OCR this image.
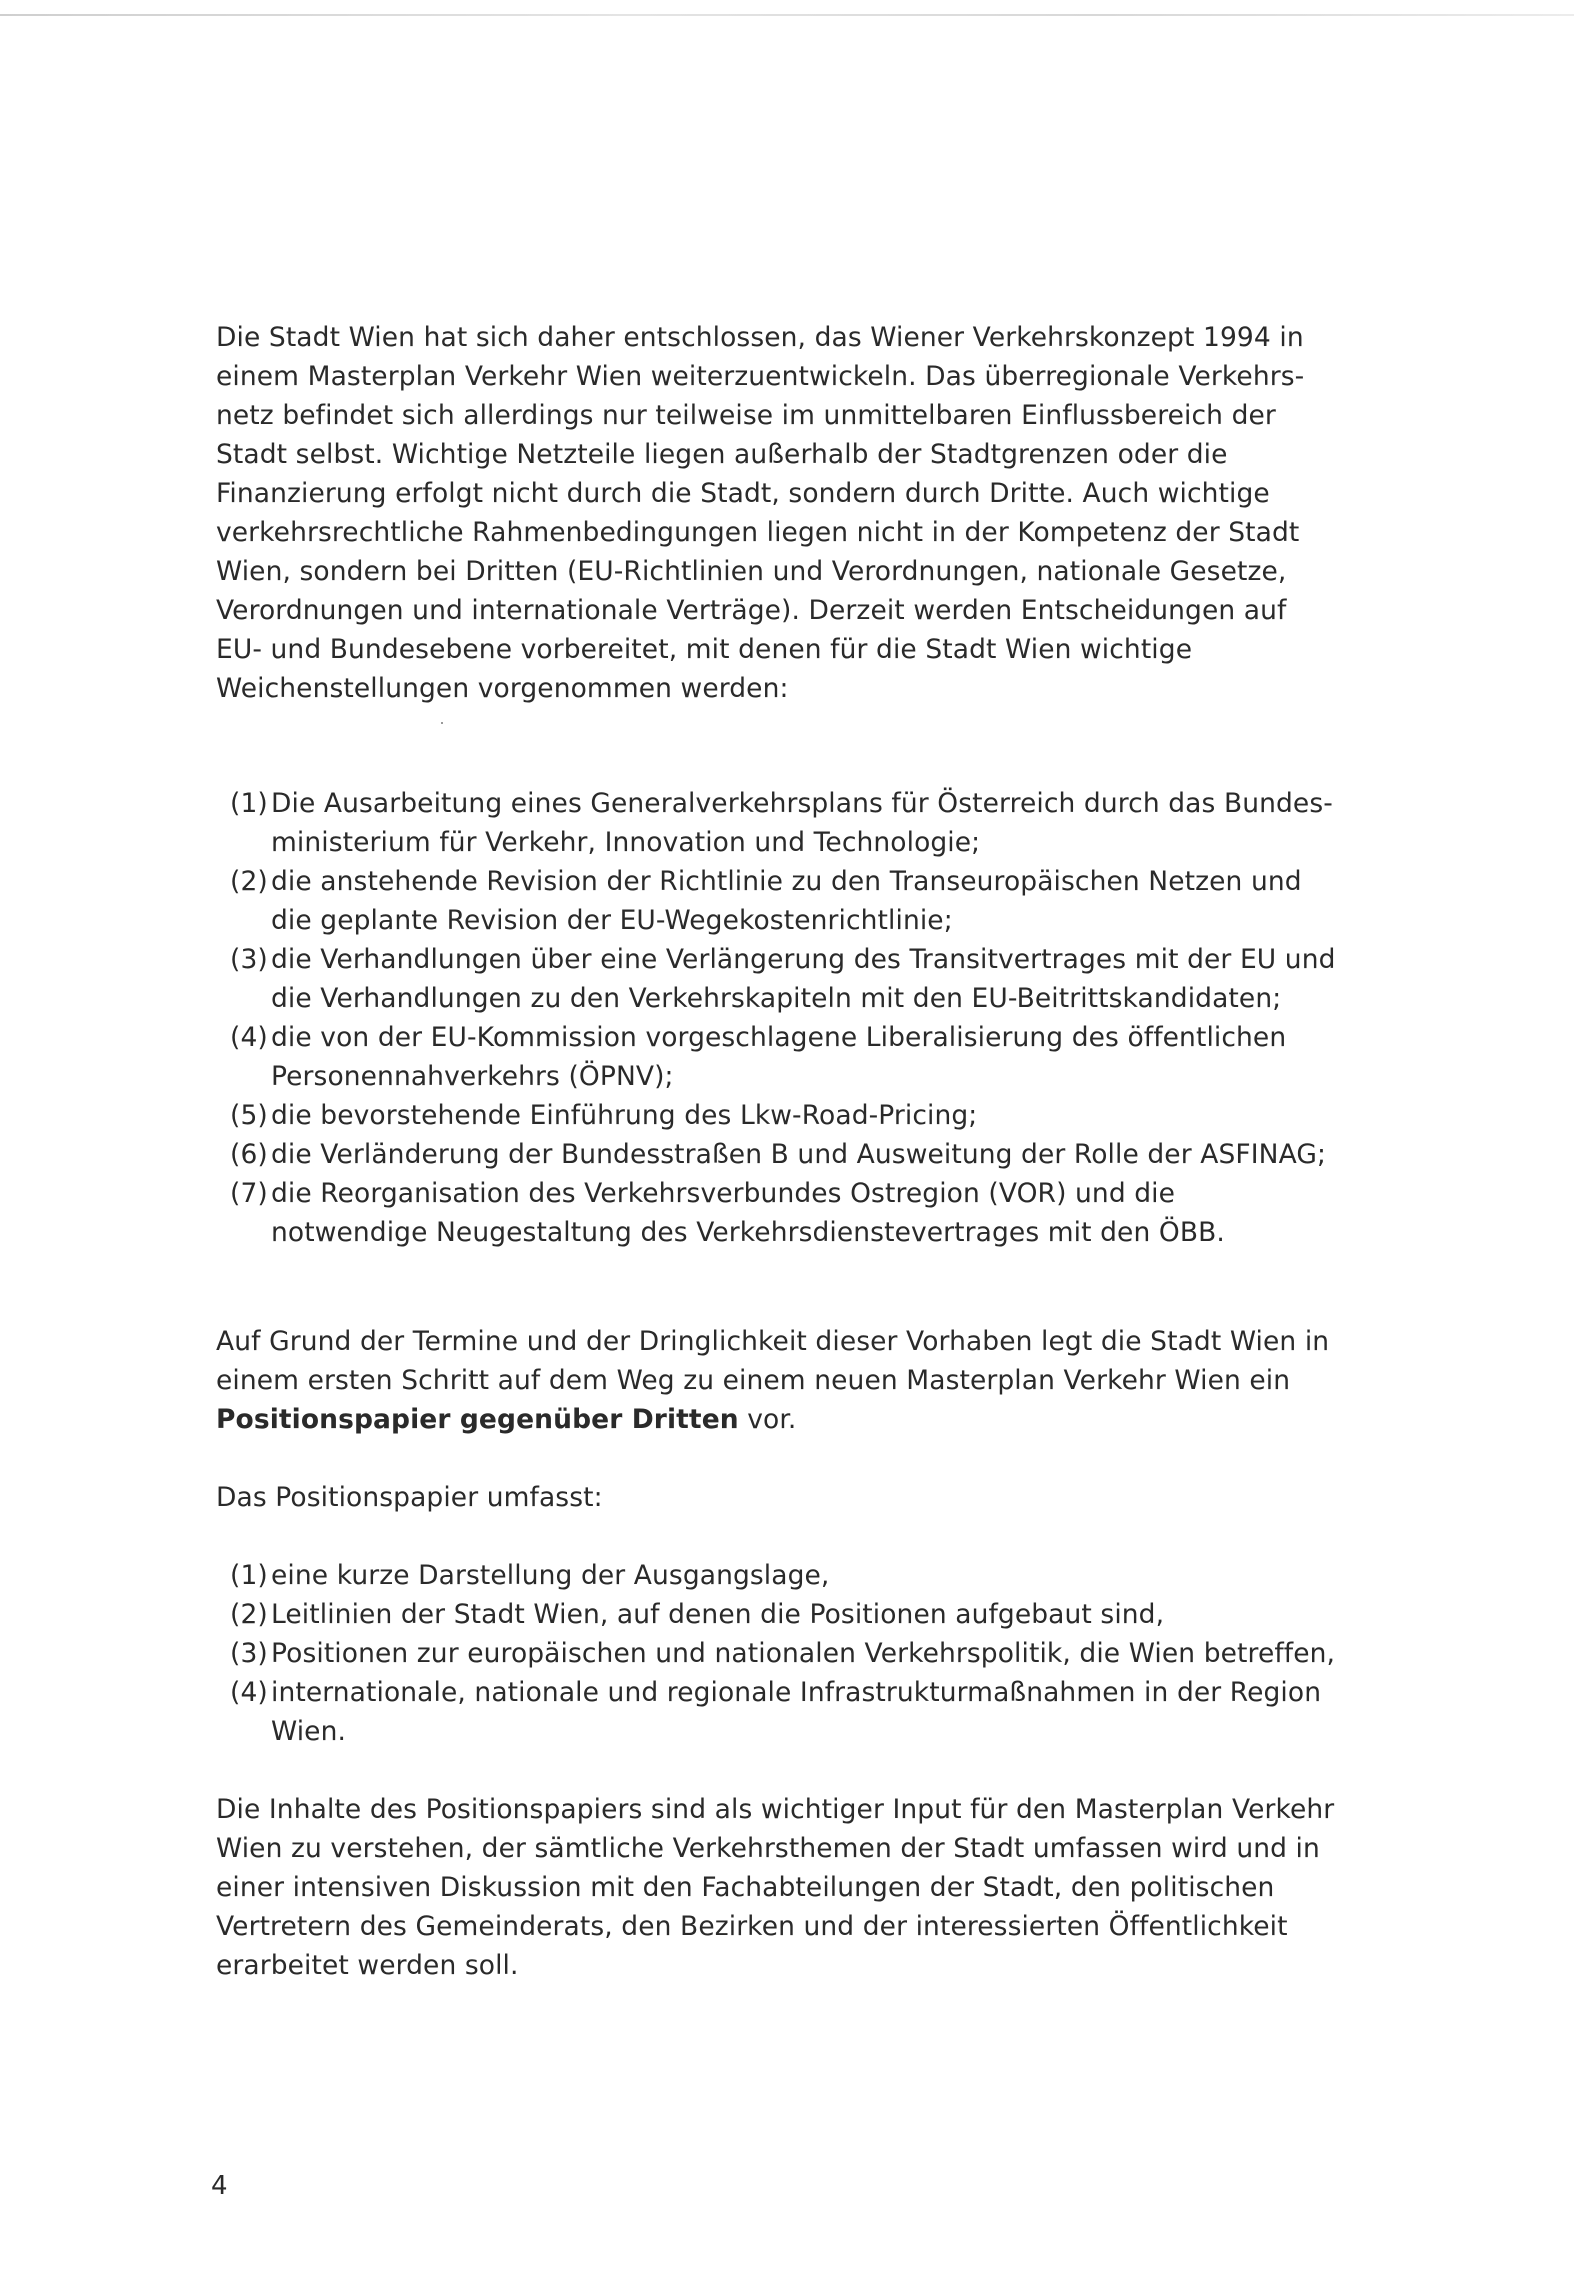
Die Stadt Wien hat sich daher entschlossen, das Wiener Verkehrskonzept 1994 in einem Masterplan Verkehr Wien weiterzuentwickeln. Das überregionale Verkehrs-netz befindet sich allerdings nur teilweise im unmittelbaren Einflussbereich der Stadt selbst. Wichtige Netzteile liegen außerhalb der Stadtgrenzen oder die Finanzierung erfolgt nicht durch die Stadt, sondern durch Dritte. Auch wichtige verkehrsrechtliche Rahmenbedingungen liegen nicht in der Kompetenz der Stadt Wien, sondern bei Dritten (EU-Richtlinien und Verordnungen, nationale Gesetze, Verordnungen und internationale Verträge). Derzeit werden Entscheidungen auf EU- und Bundesebene vorbereitet, mit denen für die Stadt Wien wichtige Weichenstellungen vorgenommen werden:

(1) Die Ausarbeitung eines Generalverkehrsplans für Österreich durch das Bundes-ministerium für Verkehr, Innovation und Technologie;
(2) die anstehende Revision der Richtlinie zu den Transeuropäischen Netzen und die geplante Revision der EU-Wegekostenrichtlinie;
(3) die Verhandlungen über eine Verlängerung des Transitvertrages mit der EU und die Verhandlungen zu den Verkehrskapiteln mit den EU-Beitrittskandidaten;
(4) die von der EU-Kommission vorgeschlagene Liberalisierung des öffentlichen Personennahverkehrs (ÖPNV);
(5) die bevorstehende Einführung des Lkw-Road-Pricing;
(6) die Verländerung der Bundesstraßen B und Ausweitung der Rolle der ASFINAG;
(7) die Reorganisation des Verkehrsverbundes Ostregion (VOR) und die notwendige Neugestaltung des Verkehrsdienstevertrages mit den ÖBB.

Auf Grund der Termine und der Dringlichkeit dieser Vorhaben legt die Stadt Wien in einem ersten Schritt auf dem Weg zu einem neuen Masterplan Verkehr Wien ein Positionspapier gegenüber Dritten vor.

Das Positionspapier umfasst:

(1) eine kurze Darstellung der Ausgangslage,
(2) Leitlinien der Stadt Wien, auf denen die Positionen aufgebaut sind,
(3) Positionen zur europäischen und nationalen Verkehrspolitik, die Wien betreffen,
(4) internationale, nationale und regionale Infrastrukturmaßnahmen in der Region Wien.

Die Inhalte des Positionspapiers sind als wichtiger Input für den Masterplan Verkehr Wien zu verstehen, der sämtliche Verkehrsthemen der Stadt umfassen wird und in einer intensiven Diskussion mit den Fachabteilungen der Stadt, den politischen Vertretern des Gemeinderats, den Bezirken und der interessierten Öffentlichkeit erarbeitet werden soll.

4
